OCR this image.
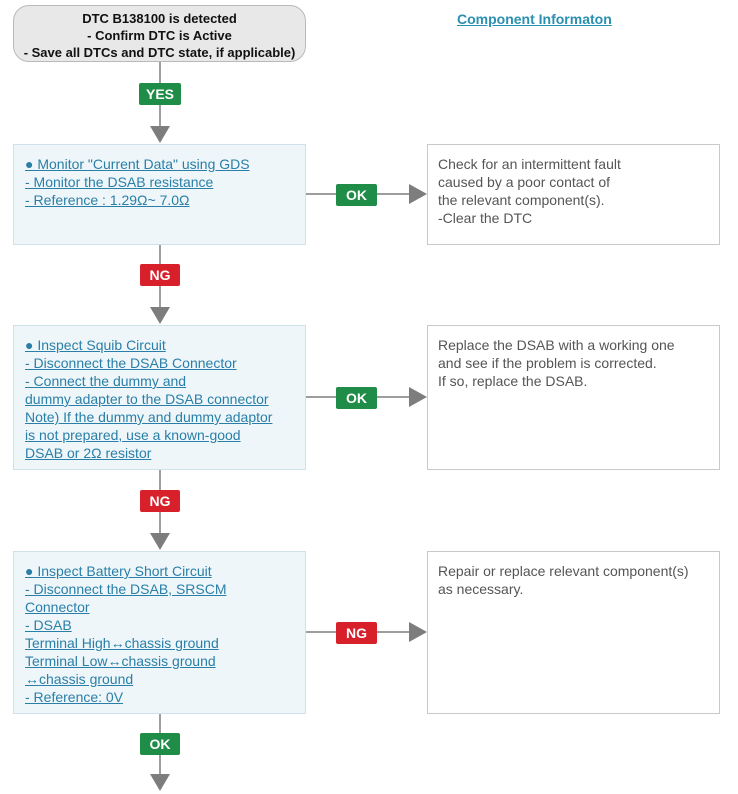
DTC B138100 is detected
- Confirm DTC is Active
- Save all DTCs and DTC state, if applicable)
Component Informaton
YES
NG
NG
OK
OK
OK
NG
● Monitor "Current Data" using GDS
- Monitor the DSAB resistance
- Reference : 1.29Ω~ 7.0Ω
● Inspect Squib Circuit
- Disconnect the DSAB Connector
- Connect the dummy and
dummy adapter to the DSAB connector
Note) If the dummy and dummy adaptor
is not prepared, use a known-good
DSAB or 2Ω resistor
● Inspect Battery Short Circuit
- Disconnect the DSAB, SRSCM
Connector
- DSAB
Terminal High↔chassis ground
Terminal Low↔chassis ground
↔chassis ground
- Reference: 0V
Check for an intermittent fault
caused by a poor contact of
the relevant component(s).
-Clear the DTC
Replace the DSAB with a working one
and see if the problem is corrected.
If so, replace the DSAB.
Repair or replace relevant component(s)
as necessary.
